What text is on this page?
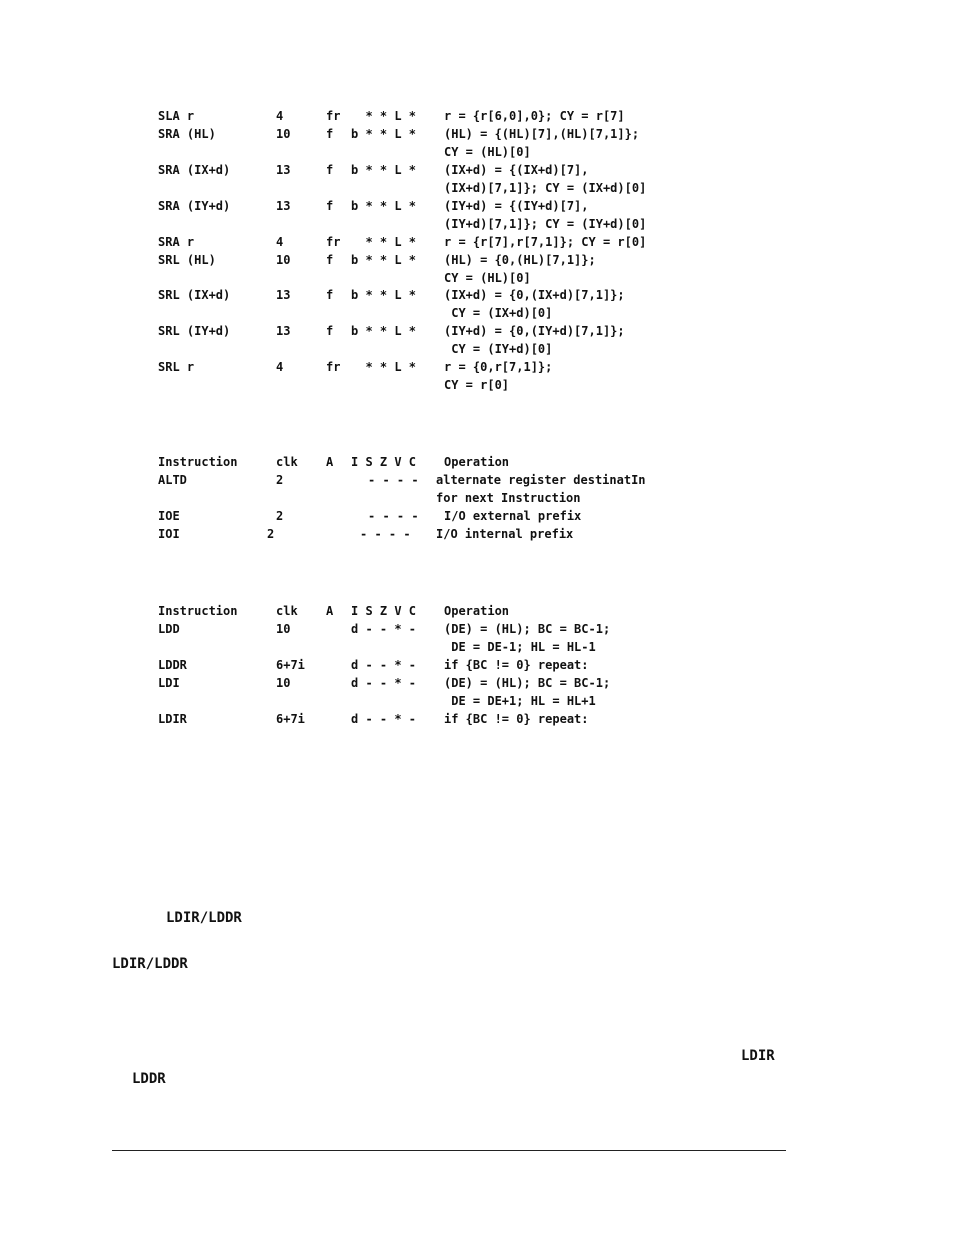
SLA r	4	fr * * L * r = {r[6,0],0}; CY = r[7]
SRA (HL)	10	f b * * L * (HL) = {(HL)[7],(HL)[7,1]};
CY = (HL)[0]
SRA (IX+d)	13	f b * * L * (IX+d) = {(IX+d)[7],
(IX+d)[7,1]}; CY = (IX+d)[0]
SRA (IY+d)	13	f b * * L * (IY+d) = {(IY+d)[7],
(IY+d)[7,1]}; CY = (IY+d)[0]
SRA r	4	fr * * L * r = {r[7],r[7,1]}; CY = r[0]
SRL (HL)	10	f b * * L * (HL) = {0,(HL)[7,1]};
CY = (HL)[0]
SRL (IX+d)	13	f b * * L * (IX+d) = {0,(IX+d)[7,1]};
CY = (IX+d)[0]
SRL (IY+d)	13	f b * * L * (IY+d) = {0,(IY+d)[7,1]};
CY = (IY+d)[0]
SRL r	4	fr * * L * r = {0,r[7,1]};
CY = r[0]
Instruction	clk A I S Z V C Operation
ALTD	2	- - - - alternate register destinatIn
for next Instruction
IOE	2	- - - - I/O external prefix
IOI	2	- - - - I/O internal prefix
Instruction	clk A I S Z V C Operation
LDD	10	d - - * - (DE) = (HL); BC = BC-1;
DE = DE-1; HL = HL-1
LDDR	6+7i	d - - * - if {BC != 0} repeat:
LDI	10	d - - * - (DE) = (HL); BC = BC-1;
DE = DE+1; HL = HL+1
LDIR	6+7i	d - - * - if {BC != 0} repeat:
LDIR/LDDR
LDIR/LDDR
LDIR
LDDR
